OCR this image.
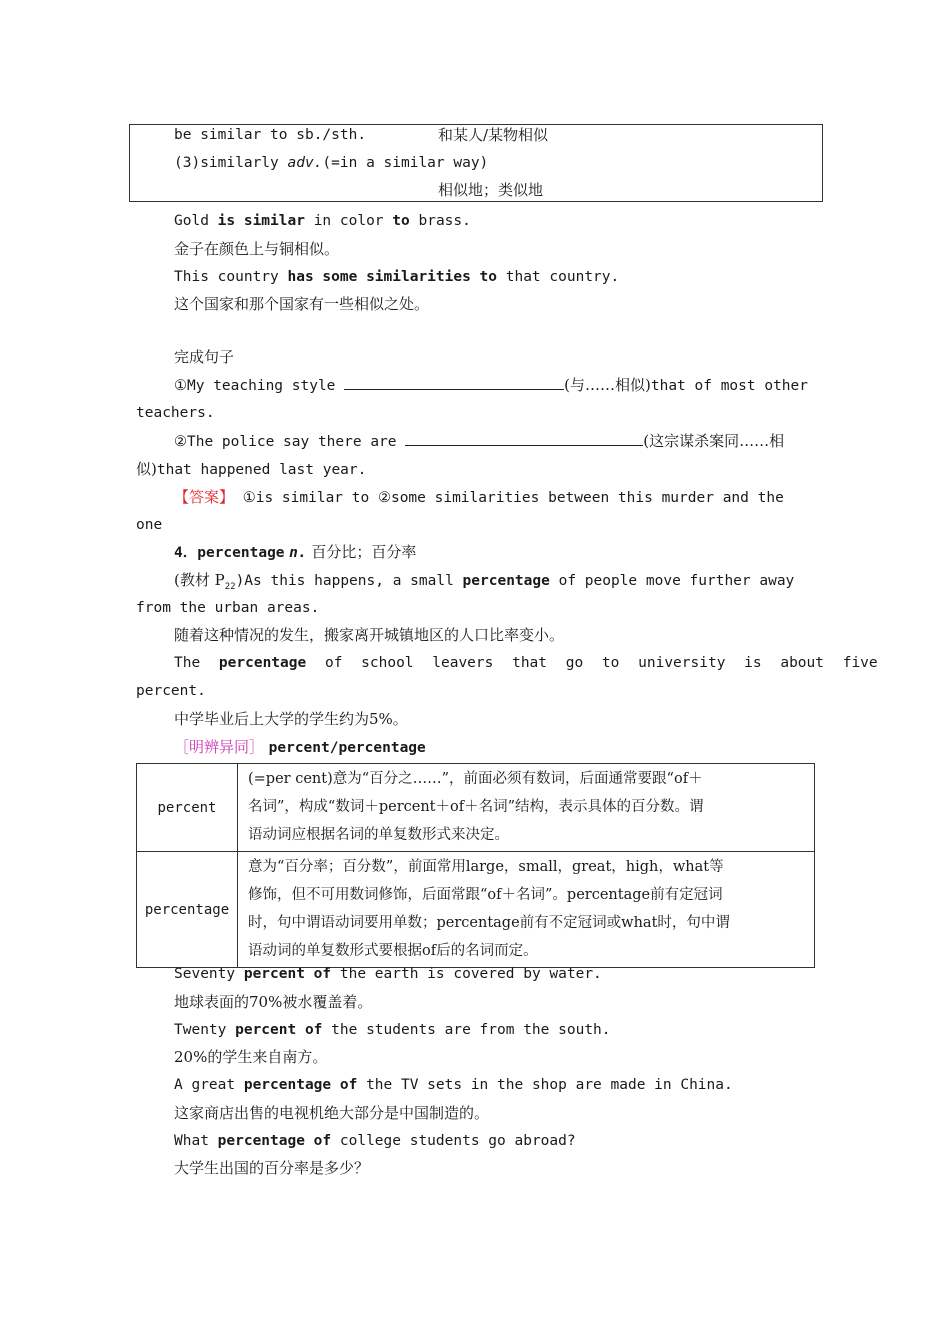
be similar to sb./sth.	和某人/某物相似
(3)similarly adv.(=in a similar way)
相似地；类似地
Gold is similar in color to brass.
金子在颜色上与铜相似。
This country has some similarities to that country.
这个国家和那个国家有一些相似之处。
完成句子
①My teaching style	(与……相似)that of most other
teachers.
②The police say there are	(这宗谋杀案同……相
似)that happened last year.
【答案】 ①is similar to ②some similarities between this murder and the
one
4．percentage n. 百分比；百分率
(教材 $P_{22})As$ this happens, a small percentage of people move further away
from the urban areas.
随着这种情况的发生，搬家离开城镇地区的人口比率变小。
The percentage of school leavers that go to university is about five
percent.
中学毕业后上大学的学生约为5%。
［明辨异同］ percent/percentage
percent	(=per cent)意为“百分之……”，前面必须有数词，后面通常要跟“of＋
名词”，构成“数词＋percent＋of＋名词”结构，表示具体的百分数。谓
语动词应根据名词的单复数形式来决定。

percentage	意为“百分率；百分数”，前面常用large，small，great，high，what等
修饰，但不可用数词修饰，后面常跟“of＋名词”。percentage前有定冠词
时，句中谓语动词要用单数；percentage前有不定冠词或what时，句中谓
语动词的单复数形式要根据of后的名词而定。
Seventy percent of the earth is covered by water.
地球表面的70%被水覆盖着。
Twenty percent of the students are from the south.
20%的学生来自南方。
A great percentage of the TV sets in the shop are made in China.
这家商店出售的电视机绝大部分是中国制造的。
What percentage of college students go abroad?
大学生出国的百分率是多少？
